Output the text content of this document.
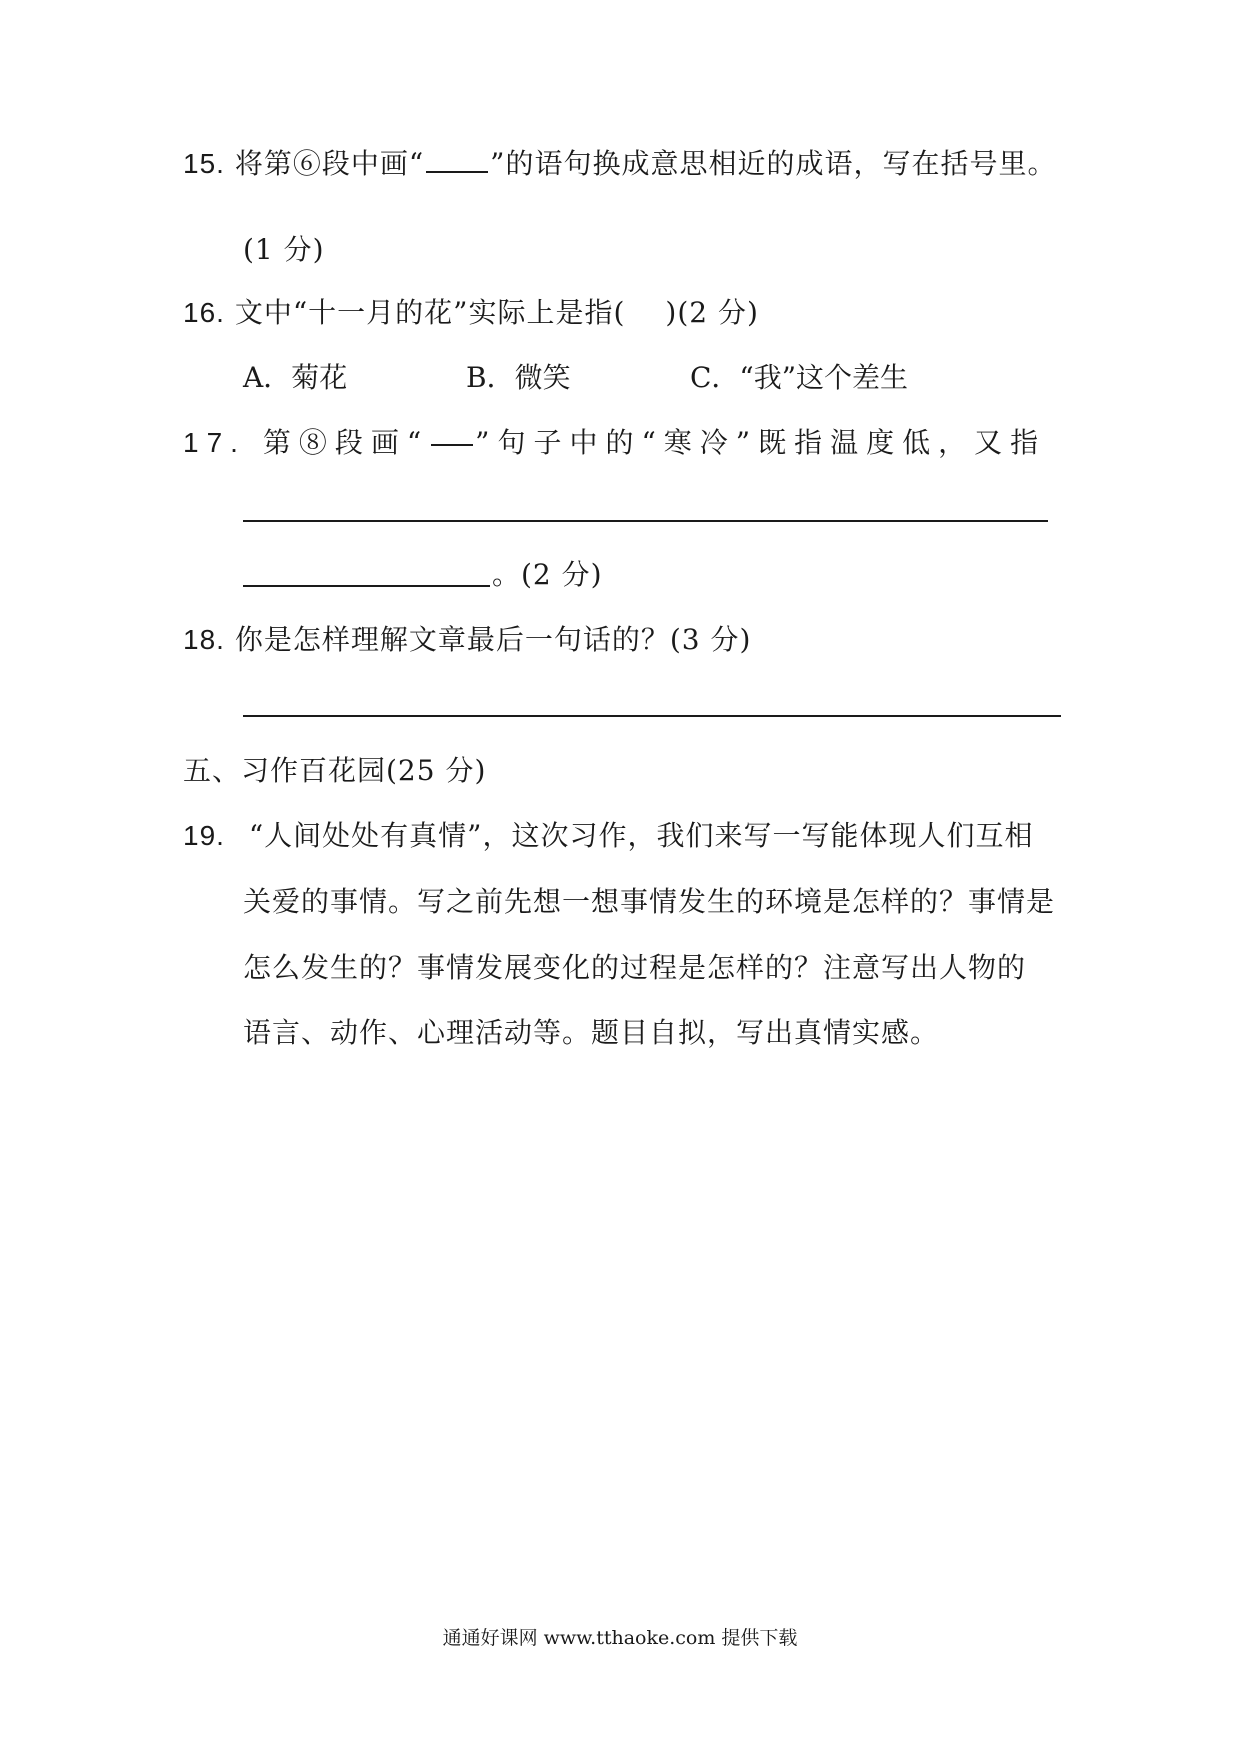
15. 将第⑥段中画“ ”的语句换成意思相近的成语，写在括号里。
(1 分)
16. 文中“十一月的花”实际上是指( )(2 分)
A．菊花	B．微笑	C．“我”这个差生
17. 第⑧段画“ ”句子中的“寒冷”既指温度低，又指
。(2 分)
18. 你是怎样理解文章最后一句话的？(3 分)
五、习作百花园(25 分)
19. “人间处处有真情”，这次习作，我们来写一写能体现人们互相
关爱的事情。写之前先想一想事情发生的环境是怎样的？事情是
怎么发生的？事情发展变化的过程是怎样的？注意写出人物的
语言、动作、心理活动等。题目自拟，写出真情实感。
通通好课网 www.tthaoke.com 提供下载
